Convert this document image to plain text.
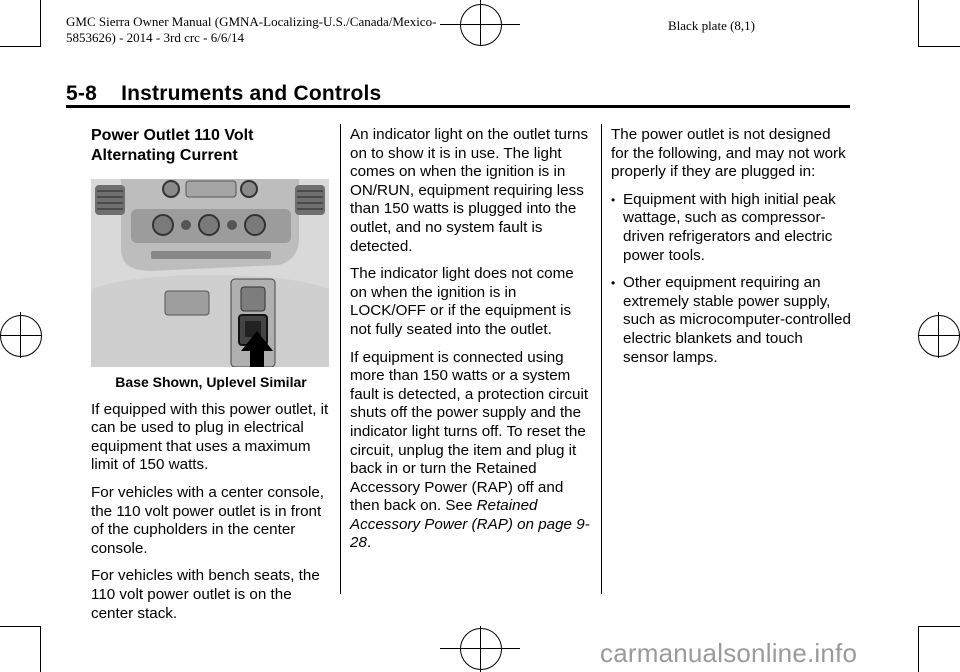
GMC Sierra Owner Manual (GMNA-Localizing-U.S./Canada/Mexico-
5853626) - 2014 - 3rd crc - 6/6/14
Black plate (8,1)
5-8    Instruments and Controls
Power Outlet 110 Volt Alternating Current

Base Shown, Uplevel Similar

If equipped with this power outlet, it can be used to plug in electrical equipment that uses a maximum limit of 150 watts.

For vehicles with a center console, the 110 volt power outlet is in front of the cupholders in the center console.

For vehicles with bench seats, the 110 volt power outlet is on the center stack.

An indicator light on the outlet turns on to show it is in use. The light comes on when the ignition is in ON/RUN, equipment requiring less than 150 watts is plugged into the outlet, and no system fault is detected.

The indicator light does not come on when the ignition is in LOCK/OFF or if the equipment is not fully seated into the outlet.

If equipment is connected using more than 150 watts or a system fault is detected, a protection circuit shuts off the power supply and the indicator light turns off. To reset the circuit, unplug the item and plug it back in or turn the Retained Accessory Power (RAP) off and then back on. See Retained Accessory Power (RAP) on page 9-28.

The power outlet is not designed for the following, and may not work properly if they are plugged in:

• Equipment with high initial peak wattage, such as compressor-driven refrigerators and electric power tools.
• Other equipment requiring an extremely stable power supply, such as microcomputer-controlled electric blankets and touch sensor lamps.
carmanualsonline.info
